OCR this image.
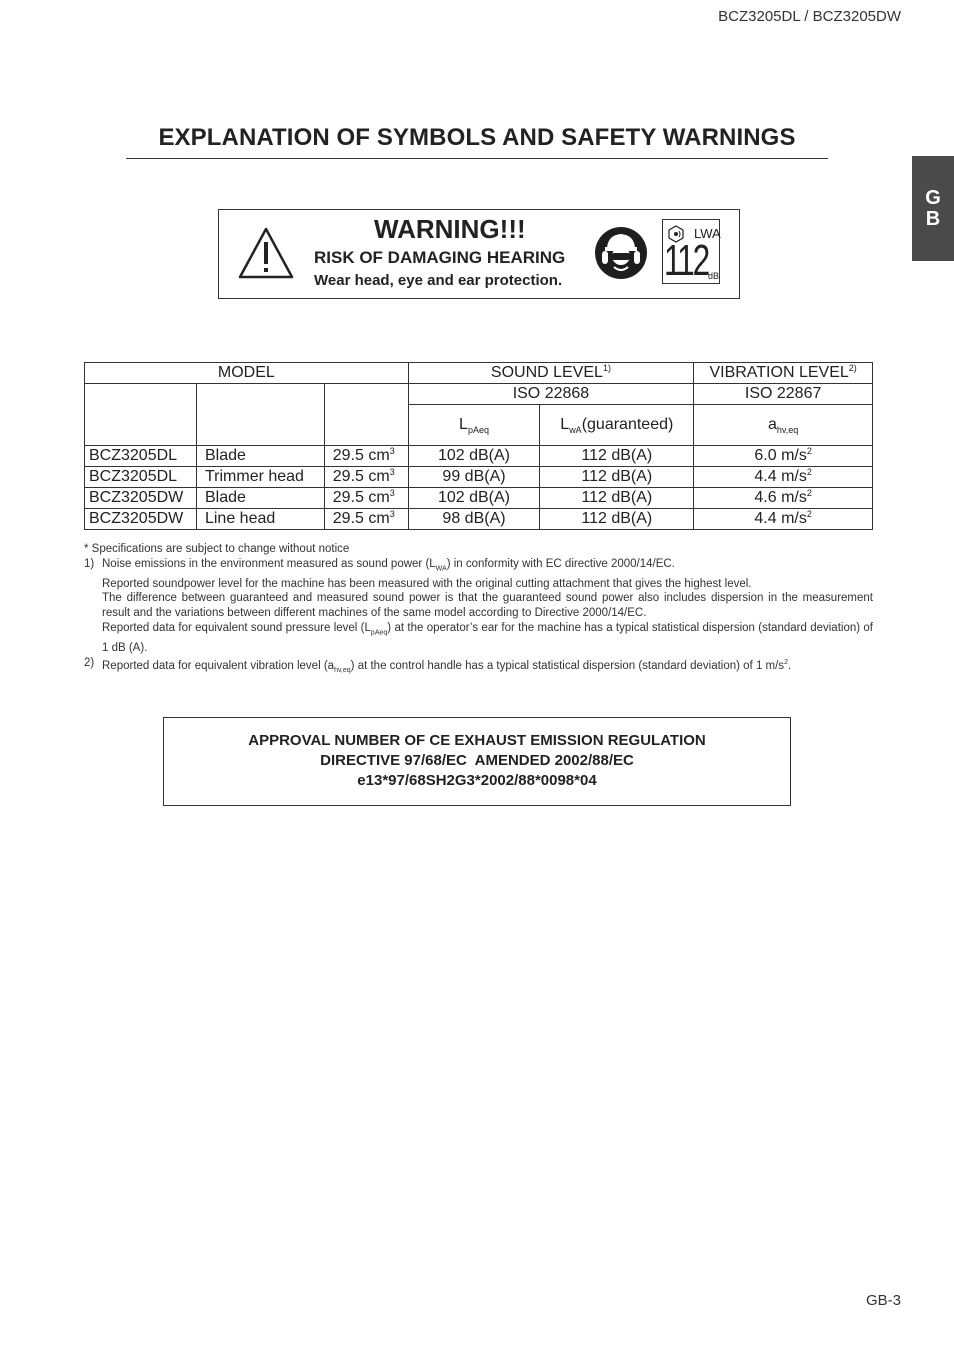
BCZ3205DL / BCZ3205DW
EXPLANATION OF SYMBOLS AND SAFETY WARNINGS
G
B
WARNING!!!
RISK OF DAMAGING HEARING
Wear head, eye and ear protection.
LWA
112 dB
MODEL			SOUND LEVEL$^{1)}$		VIBRATION LEVEL$^{2)}$
			ISO 22868		ISO 22867
			LpAeq	LwA(guaranteed)	ahv,eq
BCZ3205DL	Blade	29.5 $cm^3$	102 dB(A)	112 dB(A)	6.0 $m/s^2$
BCZ3205DL	Trimmer head	29.5 $cm^3$	99 dB(A)	112 dB(A)	4.4 $m/s^2$
BCZ3205DW	Blade	29.5 $cm^3$	102 dB(A)	112 dB(A)	4.6 $m/s^2$
BCZ3205DW	Line head	29.5 $cm^3$	98 dB(A)	112 dB(A)	4.4 $m/s^2$
* Specifications are subject to change without notice
1) Noise emissions in the environment measured as sound power $(L_{WA})$ in conformity with EC directive 2000/14/EC.
Reported soundpower level for the machine has been measured with the original cutting attachment that gives the highest level.
The difference between guaranteed and measured sound power is that the guaranteed sound power also includes dispersion in the measurement result and the variations between different machines of the same model according to Directive 2000/14/EC.
Reported data for equivalent sound pressure level $(L_{pAeq})$ at the operator’s ear for the machine has a typical statistical dispersion (standard deviation) of 1 dB (A).
2) Reported data for equivalent vibration level $(a_{hv,eq})$ at the control handle has a typical statistical dispersion (standard deviation) of 1 $m/s^2$.
APPROVAL NUMBER OF CE EXHAUST EMISSION REGULATION
DIRECTIVE 97/68/EC  AMENDED 2002/88/EC
e13*97/68SH2G3*2002/88*0098*04
GB-3
